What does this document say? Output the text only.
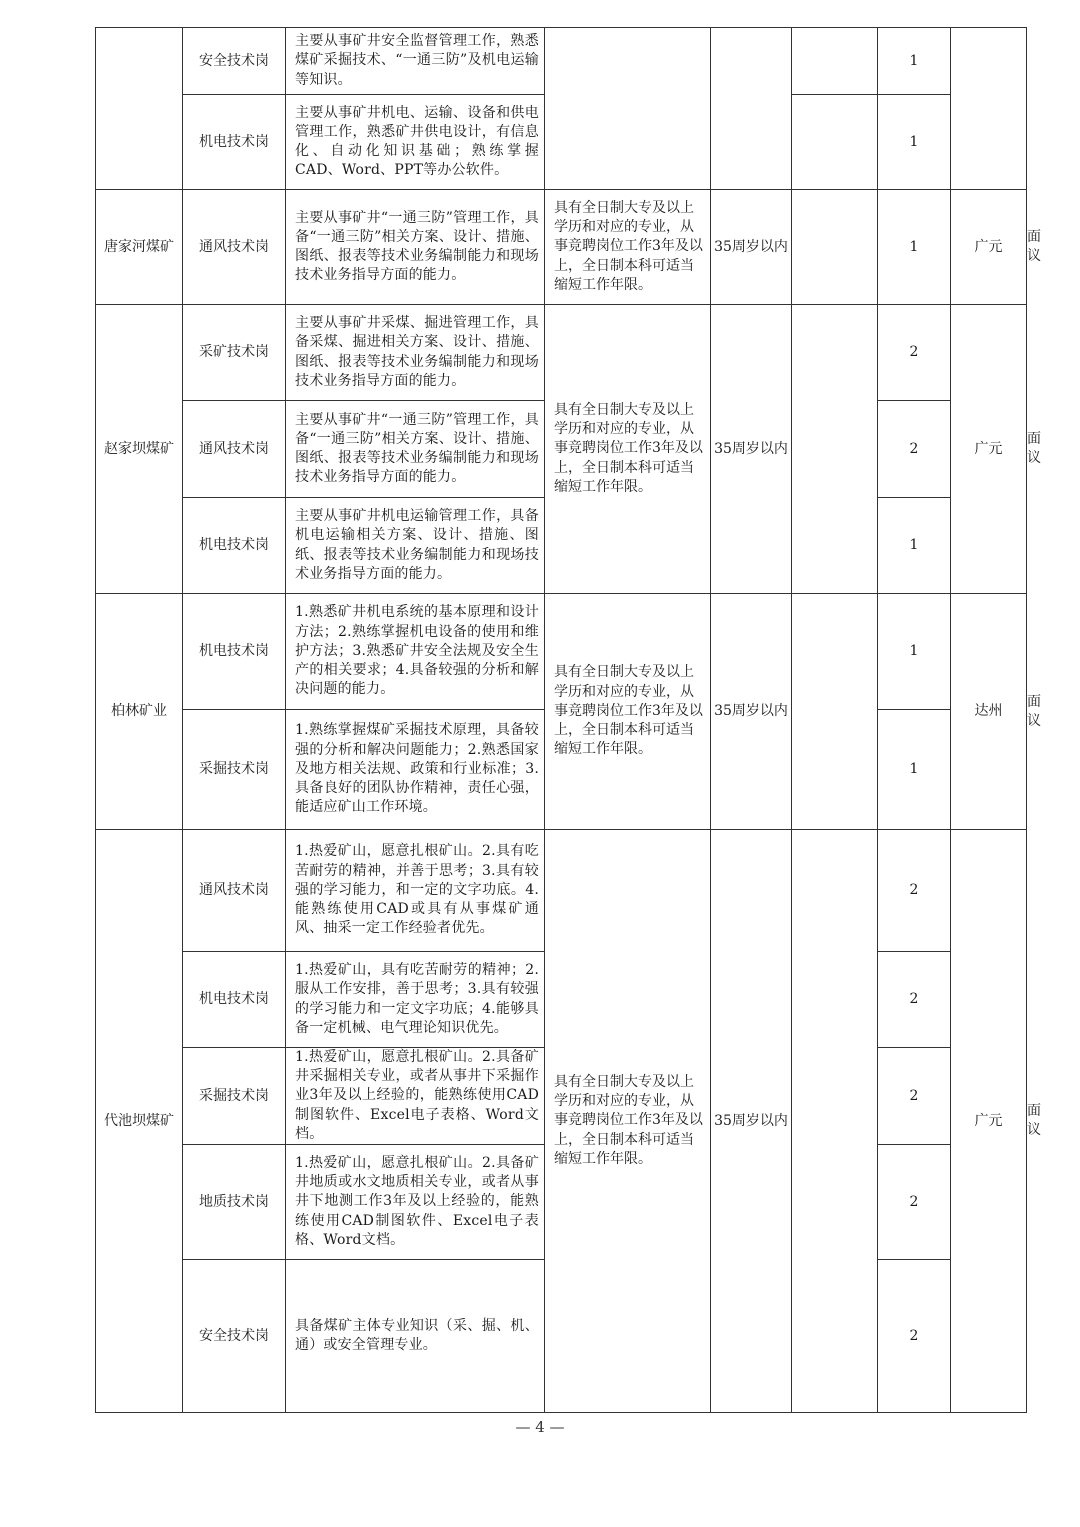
	安全技术岗	主要从事矿井安全监督管理工作，熟悉煤矿采掘技术、“一通三防”及机电运输等知识。				1		
	机电技术岗	主要从事矿井机电、运输、设备和供电管理工作，熟悉矿井供电设计，有信息化、自动化知识基础；熟练掌握CAD、Word、PPT等办公软件。				1		
唐家河煤矿	通风技术岗	主要从事矿井“一通三防”管理工作，具备“一通三防”相关方案、设计、措施、图纸、报表等技术业务编制能力和现场技术业务指导方面的能力。	具有全日制大专及以上学历和对应的专业，从事竞聘岗位工作3年及以上，全日制本科可适当缩短工作年限。	35周岁以内		1	广元	面议
赵家坝煤矿	采矿技术岗	主要从事矿井采煤、掘进管理工作，具备采煤、掘进相关方案、设计、措施、图纸、报表等技术业务编制能力和现场技术业务指导方面的能力。	具有全日制大专及以上学历和对应的专业，从事竞聘岗位工作3年及以上，全日制本科可适当缩短工作年限。	35周岁以内		2	广元	面议
	通风技术岗	主要从事矿井“一通三防”管理工作，具备“一通三防”相关方案、设计、措施、图纸、报表等技术业务编制能力和现场技术业务指导方面的能力。				2		
	机电技术岗	主要从事矿井机电运输管理工作，具备机电运输相关方案、设计、措施、图纸、报表等技术业务编制能力和现场技术业务指导方面的能力。				1		
柏林矿业	机电技术岗	1.熟悉矿井机电系统的基本原理和设计方法；2.熟练掌握机电设备的使用和维护方法；3.熟悉矿井安全法规及安全生产的相关要求；4.具备较强的分析和解决问题的能力。	具有全日制大专及以上学历和对应的专业，从事竞聘岗位工作3年及以上，全日制本科可适当缩短工作年限。	35周岁以内		1	达州	面议
	采掘技术岗	1.熟练掌握煤矿采掘技术原理，具备较强的分析和解决问题能力；2.熟悉国家及地方相关法规、政策和行业标准；3.具备良好的团队协作精神，责任心强，能适应矿山工作环境。				1		
代池坝煤矿	通风技术岗	1.热爱矿山，愿意扎根矿山。2.具有吃苦耐劳的精神，并善于思考；3.具有较强的学习能力，和一定的文字功底。4.能熟练使用CAD或具有从事煤矿通风、抽采一定工作经验者优先。	具有全日制大专及以上学历和对应的专业，从事竞聘岗位工作3年及以上，全日制本科可适当缩短工作年限。	35周岁以内		2	广元	面议
	机电技术岗	1.热爱矿山，具有吃苦耐劳的精神；2.服从工作安排，善于思考；3.具有较强的学习能力和一定文字功底；4.能够具备一定机械、电气理论知识优先。				2		
	采掘技术岗	1.热爱矿山，愿意扎根矿山。2.具备矿井采掘相关专业，或者从事井下采掘作业3年及以上经验的，能熟练使用CAD制图软件、Excel电子表格、Word文档。				2		
	地质技术岗	1.热爱矿山，愿意扎根矿山。2.具备矿井地质或水文地质相关专业，或者从事井下地测工作3年及以上经验的，能熟练使用CAD制图软件、Excel电子表格、Word文档。				2		
	安全技术岗	具备煤矿主体专业知识（采、掘、机、通）或安全管理专业。				2		
— 4 —
